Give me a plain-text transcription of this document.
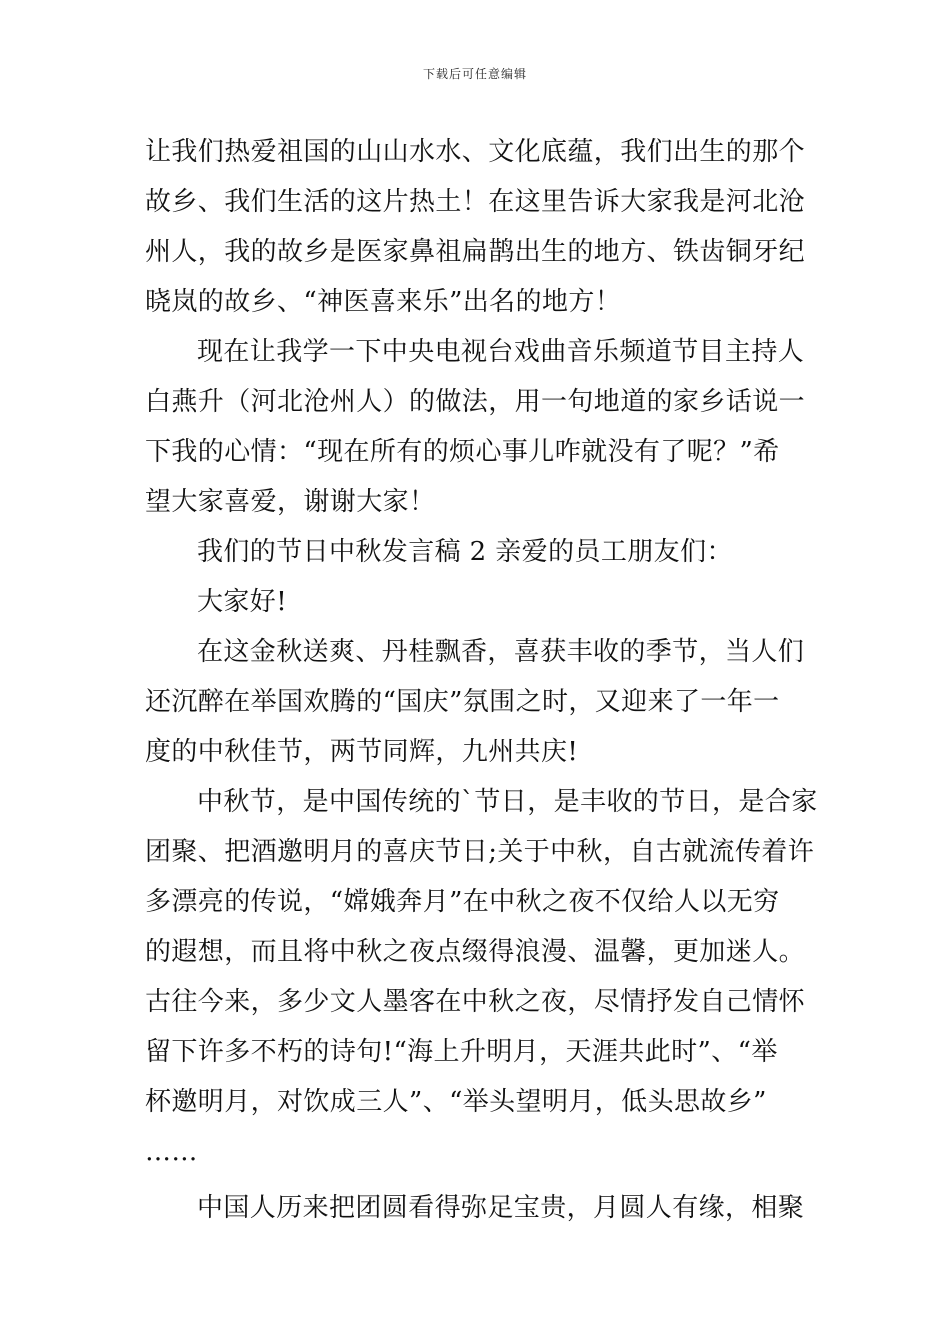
下载后可任意编辑
让我们热爱祖国的山山水水、文化底蕴，我们出生的那个
故乡、我们生活的这片热土！在这里告诉大家我是河北沧
州人，我的故乡是医家鼻祖扁鹊出生的地方、铁齿铜牙纪
晓岚的故乡、“神医喜来乐”出名的地方！
现在让我学一下中央电视台戏曲音乐频道节目主持人
白燕升（河北沧州人）的做法，用一句地道的家乡话说一
下我的心情：“现在所有的烦心事儿咋就没有了呢？”希
望大家喜爱，谢谢大家！
我们的节日中秋发言稿 2 亲爱的员工朋友们：
大家好!
在这金秋送爽、丹桂飘香，喜获丰收的季节，当人们
还沉醉在举国欢腾的“国庆”氛围之时，又迎来了一年一
度的中秋佳节，两节同辉，九州共庆!
中秋节，是中国传统的`节日，是丰收的节日，是合家
团聚、把酒邀明月的喜庆节日;关于中秋，自古就流传着许
多漂亮的传说，“嫦娥奔月”在中秋之夜不仅给人以无穷
的遐想，而且将中秋之夜点缀得浪漫、温馨，更加迷人。
古往今来，多少文人墨客在中秋之夜，尽情抒发自己情怀
留下许多不朽的诗句!“海上升明月，天涯共此时”、“举
杯邀明月，对饮成三人”、“举头望明月，低头思故乡”
……
中国人历来把团圆看得弥足宝贵，月圆人有缘，相聚
